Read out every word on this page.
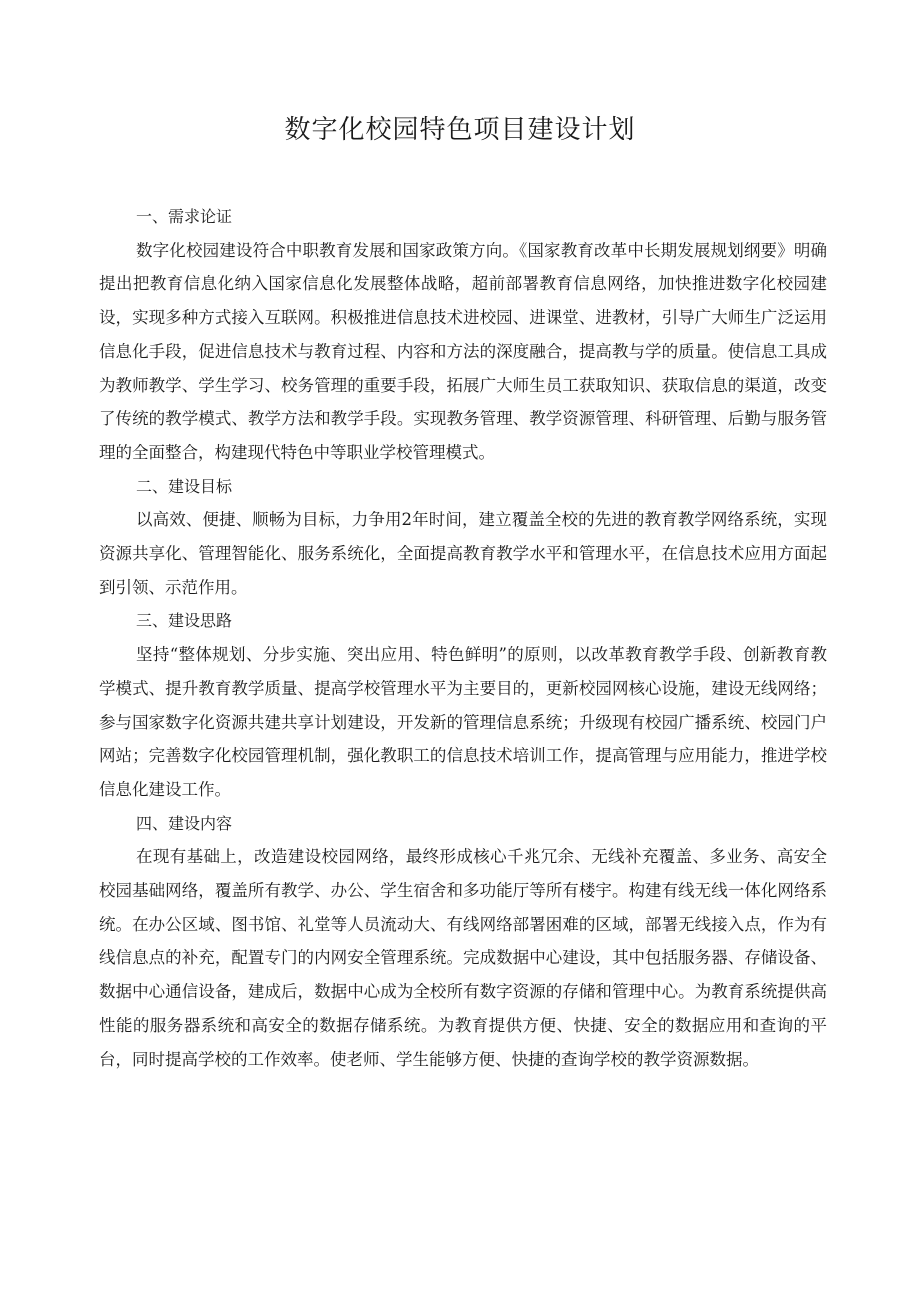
数字化校园特色项目建设计划

一、需求论证

数字化校园建设符合中职教育发展和国家政策方向。《国家教育改革中长期发展规划纲要》明确提出把教育信息化纳入国家信息化发展整体战略，超前部署教育信息网络，加快推进数字化校园建设，实现多种方式接入互联网。积极推进信息技术进校园、进课堂、进教材，引导广大师生广泛运用信息化手段，促进信息技术与教育过程、内容和方法的深度融合，提高教与学的质量。使信息工具成为教师教学、学生学习、校务管理的重要手段，拓展广大师生员工获取知识、获取信息的渠道，改变了传统的教学模式、教学方法和教学手段。实现教务管理、教学资源管理、科研管理、后勤与服务管理的全面整合，构建现代特色中等职业学校管理模式。

二、建设目标

以高效、便捷、顺畅为目标，力争用2年时间，建立覆盖全校的先进的教育教学网络系统，实现资源共享化、管理智能化、服务系统化，全面提高教育教学水平和管理水平，在信息技术应用方面起到引领、示范作用。

三、建设思路

坚持“整体规划、分步实施、突出应用、特色鲜明”的原则，以改革教育教学手段、创新教育教学模式、提升教育教学质量、提高学校管理水平为主要目的，更新校园网核心设施，建设无线网络；参与国家数字化资源共建共享计划建设，开发新的管理信息系统；升级现有校园广播系统、校园门户网站；完善数字化校园管理机制，强化教职工的信息技术培训工作，提高管理与应用能力，推进学校信息化建设工作。

四、建设内容

在现有基础上，改造建设校园网络，最终形成核心千兆冗余、无线补充覆盖、多业务、高安全校园基础网络，覆盖所有教学、办公、学生宿舍和多功能厅等所有楼宇。构建有线无线一体化网络系统。在办公区域、图书馆、礼堂等人员流动大、有线网络部署困难的区域，部署无线接入点，作为有线信息点的补充，配置专门的内网安全管理系统。完成数据中心建设，其中包括服务器、存储设备、数据中心通信设备，建成后，数据中心成为全校所有数字资源的存储和管理中心。为教育系统提供高性能的服务器系统和高安全的数据存储系统。为教育提供方便、快捷、安全的数据应用和查询的平台，同时提高学校的工作效率。使老师、学生能够方便、快捷的查询学校的教学资源数据。
